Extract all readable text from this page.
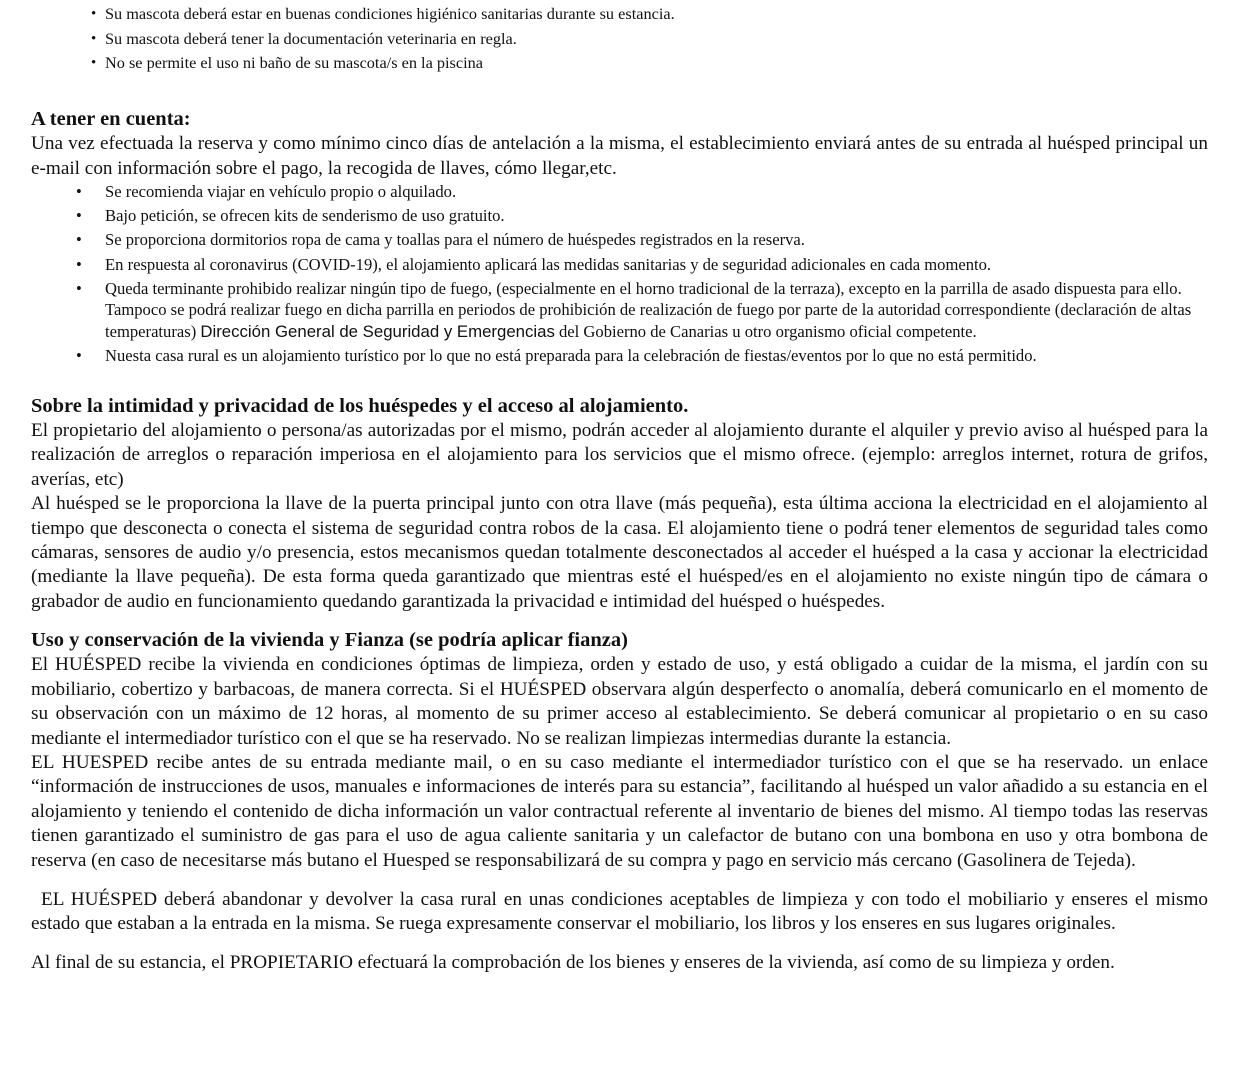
• Su mascota deberá estar en buenas condiciones higiénico sanitarias durante su estancia.
• Su mascota deberá tener la documentación veterinaria en regla.
• No se permite el uso ni baño de su mascota/s en la piscina
A tener en cuenta:

Una vez efectuada la reserva y como mínimo cinco días de antelación a la misma, el establecimiento enviará antes de su entrada al huésped principal un e-mail con información sobre el pago, la recogida de llaves, cómo llegar,etc.

• Se recomienda viajar en vehículo propio o alquilado.
• Bajo petición, se ofrecen kits de senderismo de uso gratuito.
• Se proporciona dormitorios ropa de cama y toallas para el número de huéspedes registrados en la reserva.
• En respuesta al coronavirus (COVID-19), el alojamiento aplicará las medidas sanitarias y de seguridad adicionales en cada momento.
• Queda terminante prohibido realizar ningún tipo de fuego, (especialmente en el horno tradicional de la terraza), excepto en la parrilla de asado dispuesta para ello. Tampoco se podrá realizar fuego en dicha parrilla en periodos de prohibición de realización de fuego por parte de la autoridad correspondiente (declaración de altas temperaturas) Dirección General de Seguridad y Emergencias del Gobierno de Canarias u otro organismo oficial competente.
• Nuesta casa rural es un alojamiento turístico por lo que no está preparada para la celebración de fiestas/eventos por lo que no está permitido.
Sobre la intimidad y privacidad de los huéspedes y el acceso al alojamiento.

El propietario del alojamiento o persona/as autorizadas por el mismo, podrán acceder al alojamiento durante el alquiler y previo aviso al huésped para la realización de arreglos o reparación imperiosa en el alojamiento para los servicios que el mismo ofrece. (ejemplo: arreglos internet, rotura de grifos, averías, etc)

Al huésped se le proporciona la llave de la puerta principal junto con otra llave (más pequeña), esta última acciona la electricidad en el alojamiento al tiempo que desconecta o conecta el sistema de seguridad contra robos de la casa. El alojamiento tiene o podrá tener elementos de seguridad tales como cámaras, sensores de audio y/o presencia, estos mecanismos quedan totalmente desconectados al acceder el huésped a la casa y accionar la electricidad (mediante la llave pequeña). De esta forma queda garantizado que mientras esté el huésped/es en el alojamiento no existe ningún tipo de cámara o grabador de audio en funcionamiento quedando garantizada la privacidad e intimidad del huésped o huéspedes.

Uso y conservación de la vivienda y Fianza (se podría aplicar fianza)

El HUÉSPED recibe la vivienda en condiciones óptimas de limpieza, orden y estado de uso, y está obligado a cuidar de la misma, el jardín con su mobiliario, cobertizo y barbacoas, de manera correcta. Si el HUÉSPED observara algún desperfecto o anomalía, deberá comunicarlo en el momento de su observación con un máximo de 12 horas, al momento de su primer acceso al establecimiento. Se deberá comunicar al propietario o en su caso mediante el intermediador turístico con el que se ha reservado. No se realizan limpiezas intermedias durante la estancia.

EL HUESPED recibe antes de su entrada mediante mail, o en su caso mediante el intermediador turístico con el que se ha reservado. un enlace “información de instrucciones de usos, manuales e informaciones de interés para su estancia”, facilitando al huésped un valor añadido a su estancia en el alojamiento y teniendo el contenido de dicha información un valor contractual referente al inventario de bienes del mismo. Al tiempo todas las reservas tienen garantizado el suministro de gas para el uso de agua caliente sanitaria y un calefactor de butano con una bombona en uso y otra bombona de reserva (en caso de necesitarse más butano el Huesped se responsabilizará de su compra y pago en servicio más cercano (Gasolinera de Tejeda).

EL HUÉSPED deberá abandonar y devolver la casa rural en unas condiciones aceptables de limpieza y con todo el mobiliario y enseres el mismo estado que estaban a la entrada en la misma. Se ruega expresamente conservar el mobiliario, los libros y los enseres en sus lugares originales.

Al final de su estancia, el PROPIETARIO efectuará la comprobación de los bienes y enseres de la vivienda, así como de su limpieza y orden.
